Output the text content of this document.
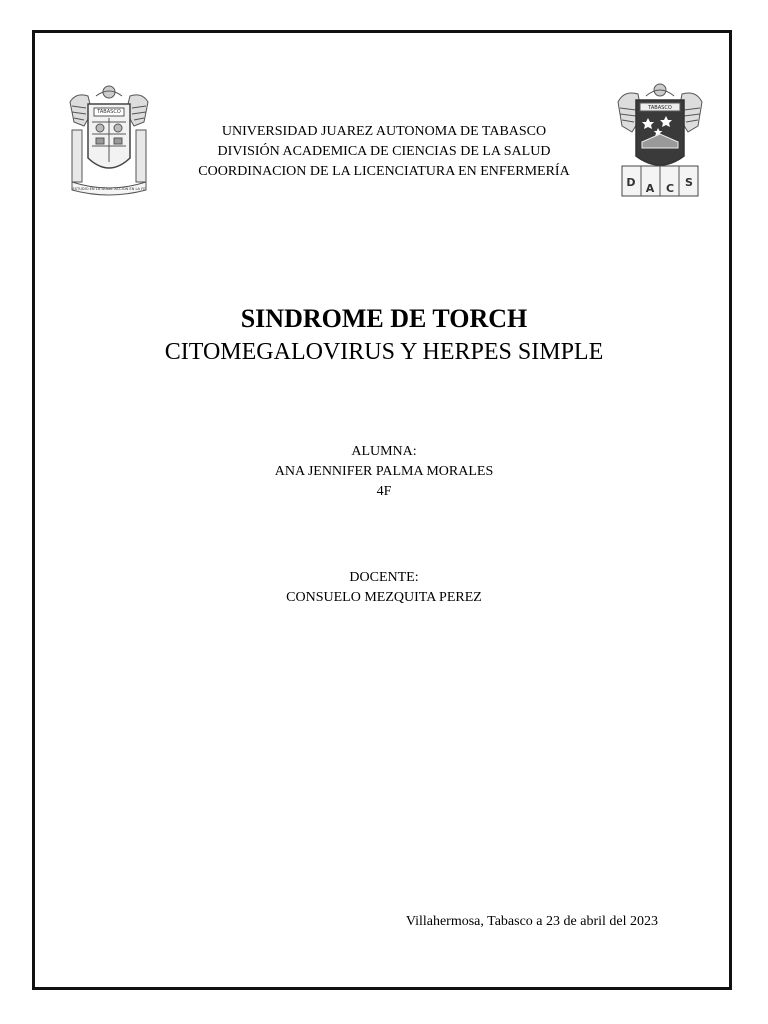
TABASCO
ESTUDIO EN LA DUDA. ACCION EN LA FE
UNIVERSIDAD JUAREZ AUTONOMA DE TABASCO
DIVISIÓN ACADEMICA DE CIENCIAS DE LA SALUD
COORDINACION DE LA LICENCIATURA EN ENFERMERÍA
TABASCO
D A C S
SINDROME DE TORCH
CITOMEGALOVIRUS Y HERPES SIMPLE
ALUMNA:
ANA JENNIFER PALMA MORALES
4F
DOCENTE:
CONSUELO MEZQUITA PEREZ
Villahermosa, Tabasco a 23 de abril del 2023
